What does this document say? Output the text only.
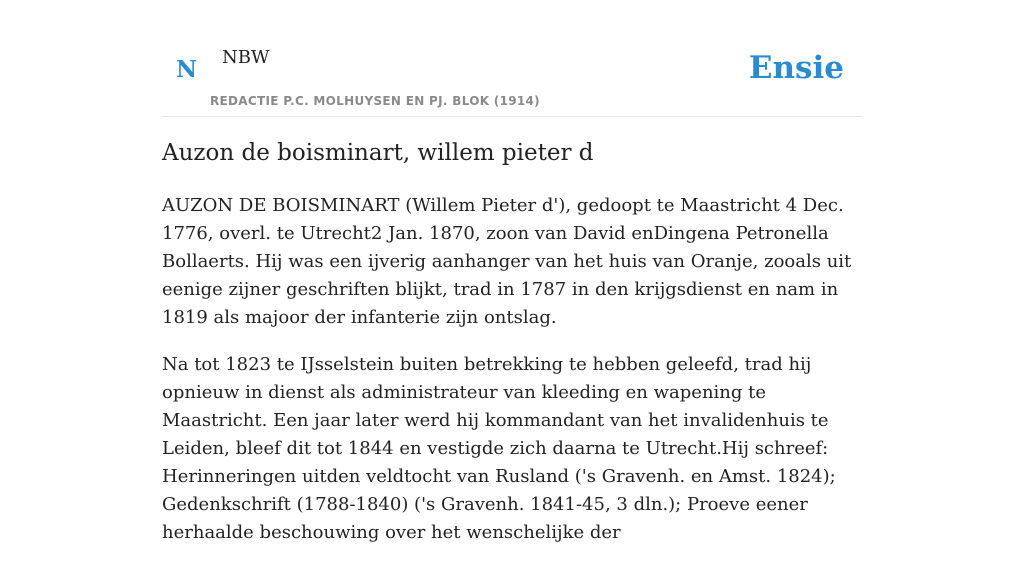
N NBW
REDACTIE P.C. MOLHUYSEN EN PJ. BLOK (1914)
Ensie
Auzon de boisminart, willem pieter d

AUZON DE BOISMINART (Willem Pieter d'), gedoopt te Maastricht 4 Dec. 1776, overl. te Utrecht2 Jan. 1870, zoon van David enDingena Petronella Bollaerts. Hij was een ijverig aanhanger van het huis van Oranje, zooals uit eenige zijner geschriften blijkt, trad in 1787 in den krijgsdienst en nam in 1819 als majoor der infanterie zijn ontslag.

Na tot 1823 te IJsselstein buiten betrekking te hebben geleefd, trad hij opnieuw in dienst als administrateur van kleeding en wapening te Maastricht. Een jaar later werd hij kommandant van het invalidenhuis te Leiden, bleef dit tot 1844 en vestigde zich daarna te Utrecht.Hij schreef: Herinneringen uitden veldtocht van Rusland ('s Gravenh. en Amst. 1824); Gedenkschrift (1788-1840) ('s Gravenh. 1841-45, 3 dln.); Proeve eener herhaalde beschouwing over het wenschelijke der
